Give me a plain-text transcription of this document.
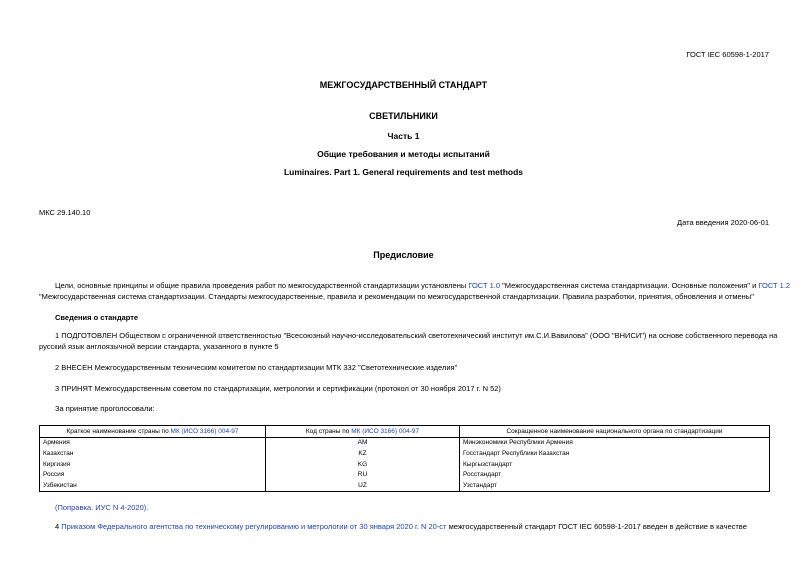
ГОСТ IEC 60598-1-2017
МЕЖГОСУДАРСТВЕННЫЙ СТАНДАРТ
СВЕТИЛЬНИКИ
Часть 1
Общие требования и методы испытаний
Luminaires. Part 1. General requirements and test methods
МКС 29.140.10
Дата введения 2020-06-01
Предисловие
Цели, основные принципы и общие правила проведения работ по межгосударственной стандартизации установлены ГОСТ 1.0 "Межгосударственная система стандартизации. Основные положения" и ГОСТ 1.2
"Межгосударственная система стандартизации. Стандарты межгосударственные, правила и рекомендации по межгосударственной стандартизации. Правила разработки, принятия, обновления и отмены"
Сведения о стандарте
1 ПОДГОТОВЛЕН Обществом с ограниченной ответственностью "Всесоюзный научно-исследовательский светотехнический институт им.С.И.Вавилова" (ООО "ВНИСИ") на основе собственного перевода на
русский язык англоязычной версии стандарта, указанного в пункте 5
2 ВНЕСЕН Межгосударственным техническим комитетом по стандартизации МТК 332 "Светотехнические изделия"
3 ПРИНЯТ Межгосударственным советом по стандартизации, метрологии и сертификации (протокол от 30 ноября 2017 г. N 52)
За принятие проголосовали:
Краткое наименование страны по МК (ИСО 3166) 004-97	Код страны по МК (ИСО 3166) 004-97	Сокращенное наименование национального органа по стандартизации
Армения	AM	Минэкономики Республики Армения
Казахстан	KZ	Госстандарт Республики Казахстан
Киргизия	KG	Кыргызстандарт
Россия	RU	Росстандарт
Узбекистан	UZ	Узстандарт
(Поправка. ИУС N 4-2020).
4 Приказом Федерального агентства по техническому регулированию и метрологии от 30 января 2020 г. N 20-ст межгосударственный стандарт ГОСТ IEC 60598-1-2017 введен в действие в качестве
